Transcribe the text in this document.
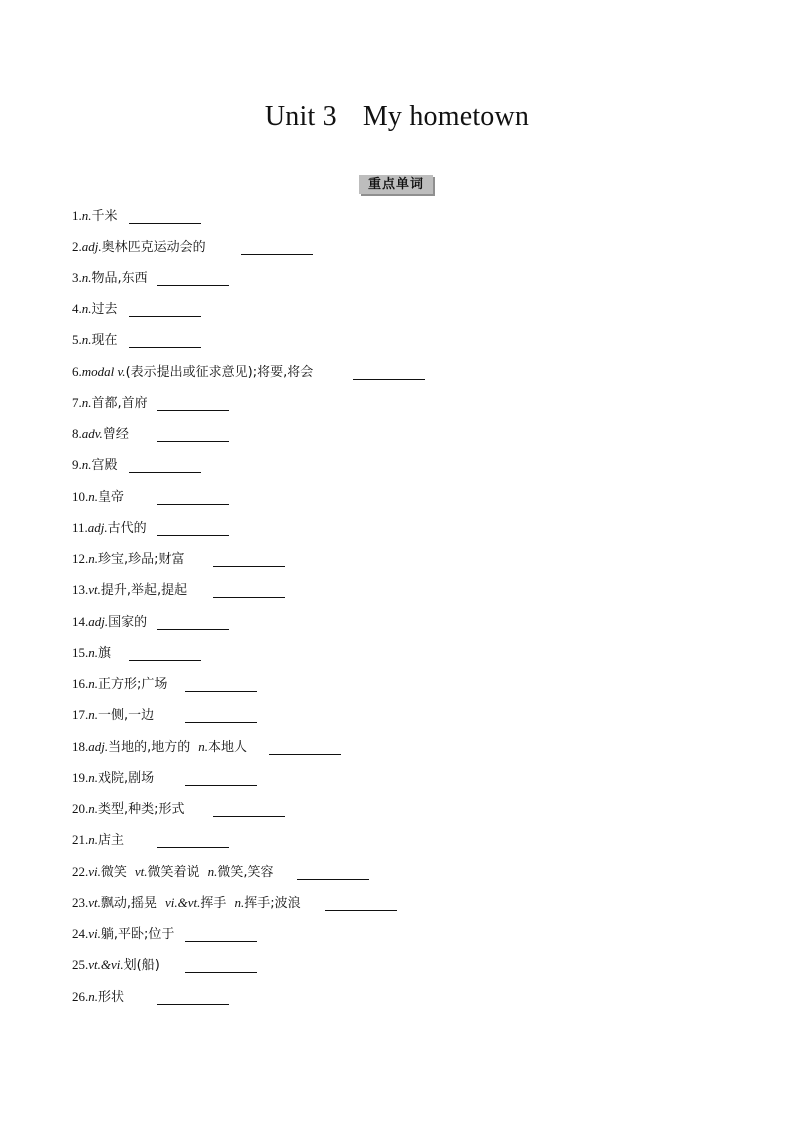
Unit 3 My hometown
重点单词
1.n.千米
2.adj.奥林匹克运动会的
3.n.物品,东西
4.n.过去
5.n.现在
6.modal v.(表示提出或征求意见);将要,将会
7.n.首都,首府
8.adv.曾经
9.n.宫殿
10.n.皇帝
11.adj.古代的
12.n.珍宝,珍品;财富
13.vt.提升,举起,提起
14.adj.国家的
15.n.旗
16.n.正方形;广场
17.n.一侧,一边
18.adj.当地的,地方的 n.本地人
19.n.戏院,剧场
20.n.类型,种类;形式
21.n.店主
22.vi.微笑 vt.微笑着说 n.微笑,笑容
23.vt.飘动,摇晃 vi.&vt.挥手 n.挥手;波浪
24.vi.躺,平卧;位于
25.vt.&vi.划(船)
26.n.形状
